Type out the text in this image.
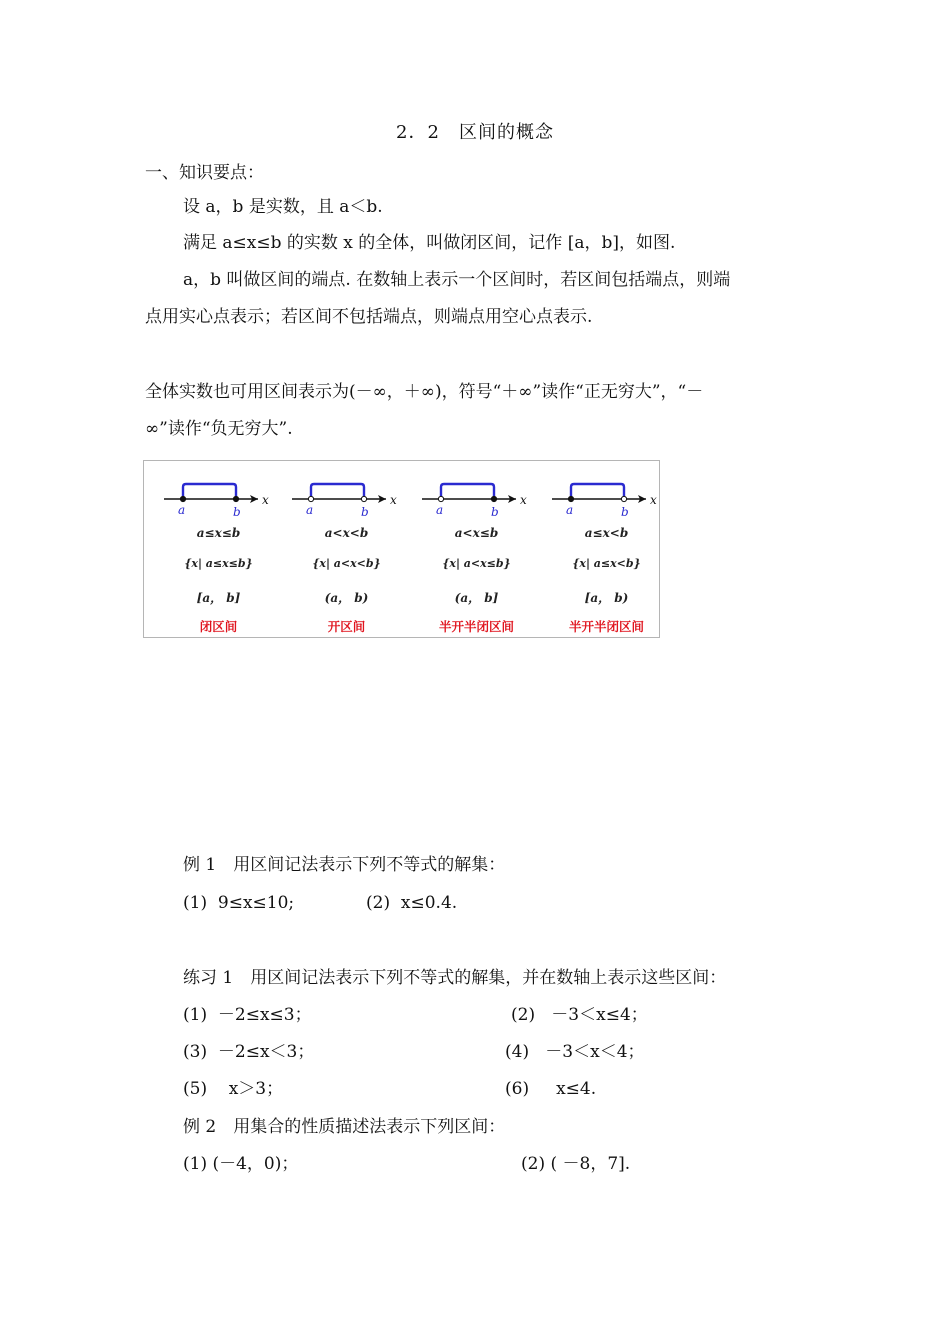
2．2　区间的概念
一、知识要点：
设 a，b 是实数，且 a＜b.
满足 a≤x≤b 的实数 x 的全体，叫做闭区间，记作 [a，b]，如图.
a，b 叫做区间的端点. 在数轴上表示一个区间时，若区间包括端点，则端
点用实心点表示；若区间不包括端点，则端点用空心点表示.
全体实数也可用区间表示为(－∞，＋∞)，符号“＋∞”读作“正无穷大”，“－
∞”读作“负无穷大”.
a	b
x
a≤x≤b
{x| a≤x≤b}
[a， b]
闭区间
a	b
x
a<x<b
{x| a<x<b}
(a， b)
开区间
a	b
x
a<x≤b
{x| a<x≤b}
(a， b]
半开半闭区间
a	b
x
a≤x<b
{x| a≤x<b}
[a， b)
半开半闭区间
例 1　用区间记法表示下列不等式的解集：
(1)  9≤x≤10;	(2)  x≤0.4.
练习 1　用区间记法表示下列不等式的解集，并在数轴上表示这些区间：
(1)  －2≤x≤3；	(2)   －3＜x≤4；
(3)  －2≤x＜3；	(4)   －3＜x＜4；
(5)    x＞3；	(6)     x≤4.
例 2　用集合的性质描述法表示下列区间：
(1) (－4，0)；	(2) ( －8，7].
